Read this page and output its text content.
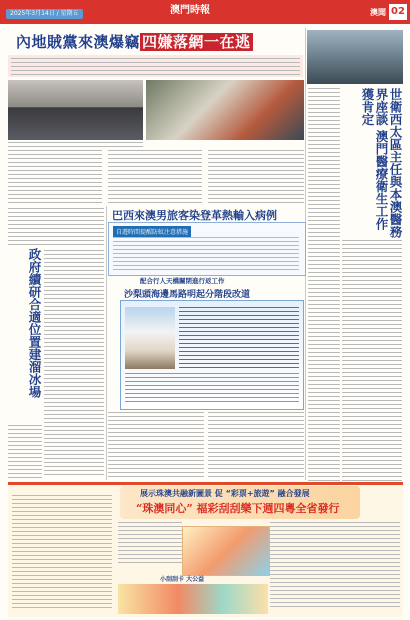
2025年3月14日 / 星期五	澳門時報	澳聞 02
內地賊黨來澳爆竊 四嫌落網一在逃
世衛西太區主任與本澳醫務界座談 澳門醫療衛生工作獲肯定
巴西來澳男旅客染登革熱輸入病例
自遊時間提醒防蚊注意措施
政府續研合適位置建溜冰場	配合行人天橋關閉進行返工作
沙梨頭海邊馬路明起分階段改道
展示珠澳共融新圖景 促 “彩票+旅遊” 融合發展
“珠澳同心” 福彩刮刮樂下週四粵全省發行
小刮刮卡 大公益
